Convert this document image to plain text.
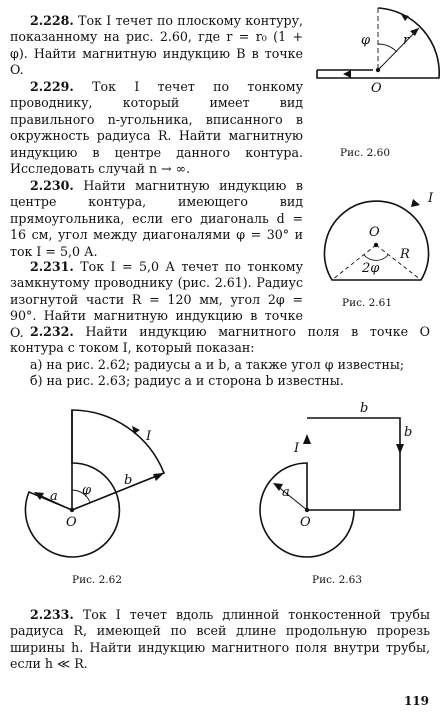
2.228. Ток I течет по плоскому контуру, показанному на рис. 2.60, где r = r₀ (1 + φ). Найти магнитную индукцию B в точке O.

2.229. Ток I течет по тонкому проводнику, который имеет вид правильного n-угольника, вписанного в окружность радиуса R. Найти магнитную индукцию в центре данного контура. Исследовать случай n → ∞.

2.230. Найти магнитную индукцию в центре контура, имеющего вид прямоугольника, если его диагональ d = 16 см, угол между диагоналями φ = 30° и ток I = 5,0 А.

2.231. Ток I = 5,0 А течет по тонкому замкнутому проводнику (рис. 2.61). Радиус изогнутой части R = 120 мм, угол 2φ = 90°. Найти магнитную индукцию в точке O. 2.232. Найти индукцию магнитного поля в точке O контура с током I, который показан:

а) на рис. 2.62; радиусы a и b, а также угол φ известны;

б) на рис. 2.63; радиус a и сторона b известны.

2.233. Ток I течет вдоль длинной тонкостенной трубы радиуса R, имеющей по всей длине продольную прорезь ширины h. Найти индукцию магнитного поля внутри трубы, если h ≪ R.

φ	r
O
Рис. 2.60
I
O
2φ
R
Рис. 2.61
I
a
b
φ
O
Рис. 2.62
b
b
I
a
O
Рис. 2.63
119
